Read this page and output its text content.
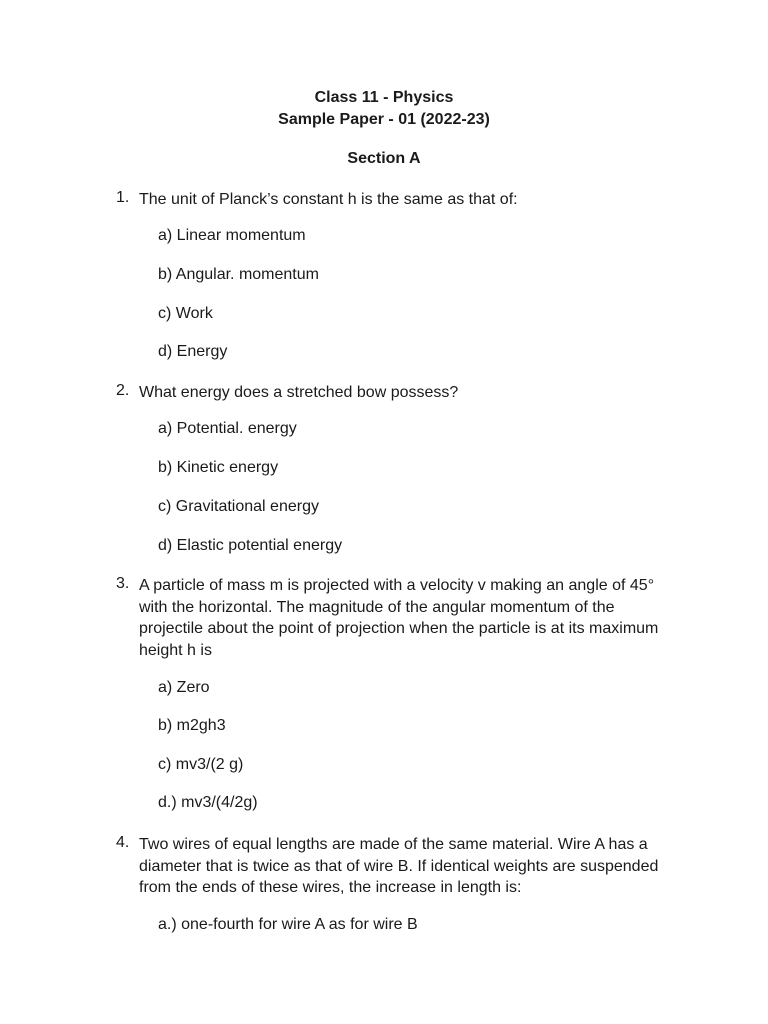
Class 11 - Physics
Sample Paper - 01 (2022-23)
Section A
1. The unit of Planck’s constant h is the same as that of:
a) Linear momentum
b) Angular. momentum
c) Work
d) Energy
2. What energy does a stretched bow possess?
a) Potential. energy
b) Kinetic energy
c) Gravitational energy
d) Elastic potential energy
3. A particle of mass m is projected with a velocity v making an angle of 45° with the horizontal. The magnitude of the angular momentum of the projectile about the point of projection when the particle is at its maximum height h is
a) Zero
b) m2gh3
c) mv3/(2 g)
d.) mv3/(4/2g)
4. Two wires of equal lengths are made of the same material. Wire A has a diameter that is twice as that of wire B. If identical weights are suspended from the ends of these wires, the increase in length is:
a.) one-fourth for wire A as for wire B
